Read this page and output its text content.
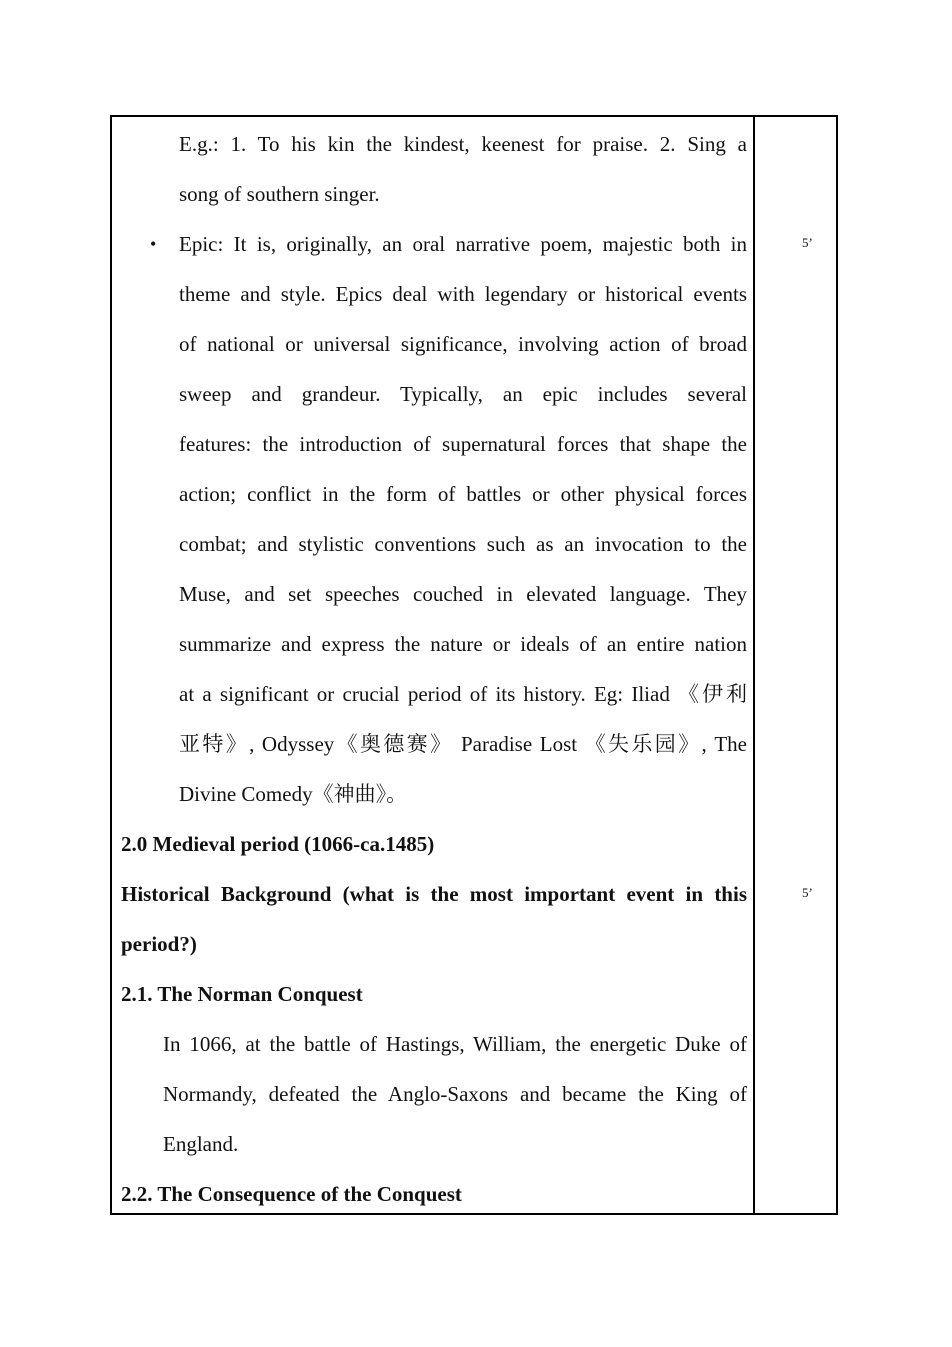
E.g.: 1. To his kin the kindest, keenest for praise. 2. Sing a
song of southern singer.
Epic: It is, originally, an oral narrative poem, majestic both in
•
theme and style. Epics deal with legendary or historical events
of national or universal significance, involving action of broad
sweep and grandeur. Typically, an epic includes several
features: the introduction of supernatural forces that shape the
action; conflict in the form of battles or other physical forces
combat; and stylistic conventions such as an invocation to the
Muse, and set speeches couched in elevated language. They
summarize and express the nature or ideals of an entire nation
at a significant or crucial period of its history. Eg: Iliad 《伊利
亚特》, Odyssey《奥德赛》 Paradise Lost 《失乐园》, The
Divine Comedy《神曲》。
2.0 Medieval period (1066-ca.1485)
Historical Background (what is the most important event in this
period?)
2.1. The Norman Conquest
In 1066, at the battle of Hastings, William, the energetic Duke of
Normandy, defeated the Anglo-Saxons and became the King of
England.
2.2. The Consequence of the Conquest
5’
5’
